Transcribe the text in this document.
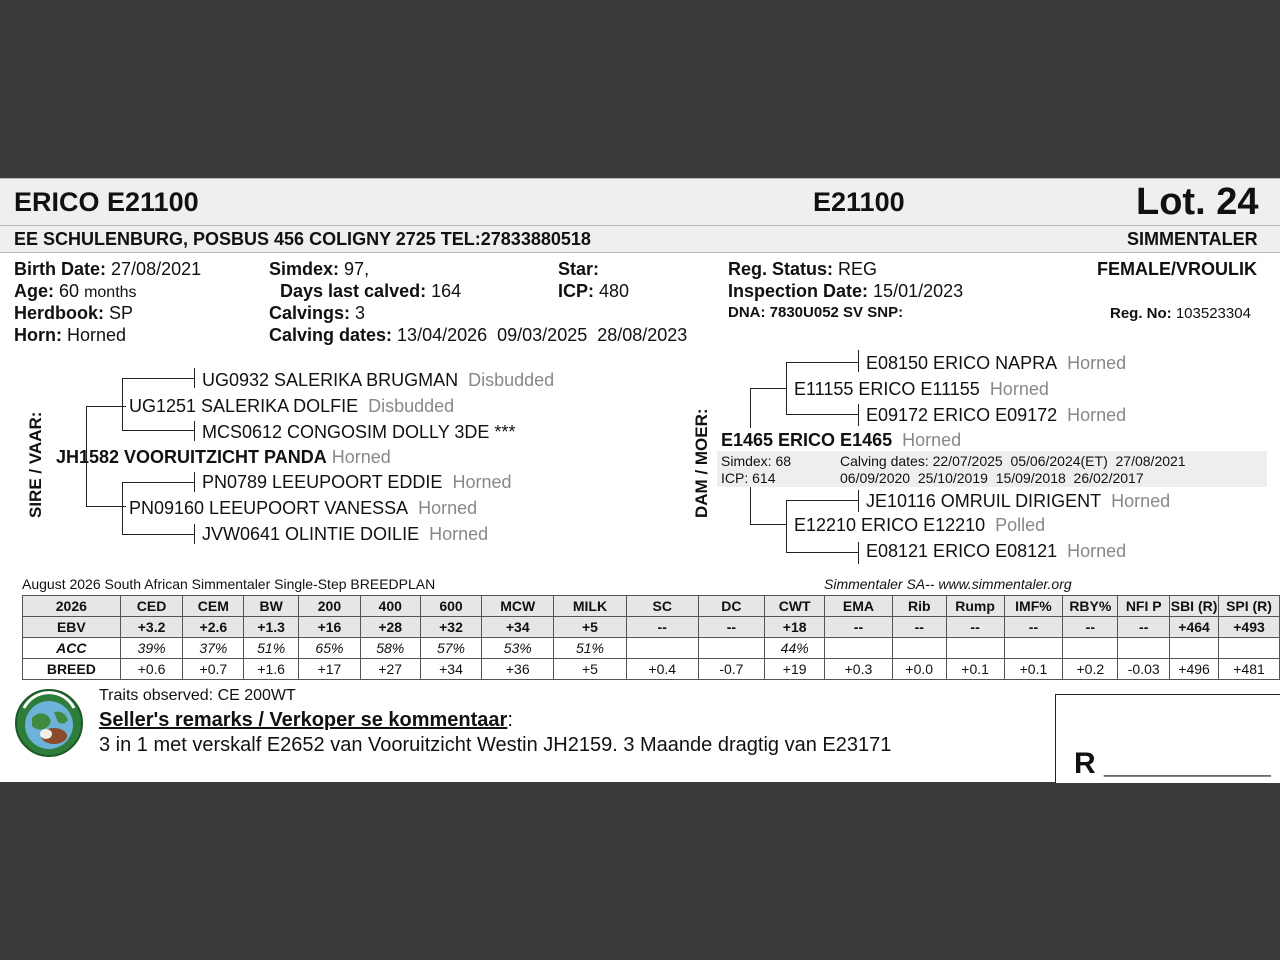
ERICO E21100	E21100	Lot. 24
EE SCHULENBURG, POSBUS 456 COLIGNY 2725 TEL:27833880518	SIMMENTALER
Birth Date: 27/08/2021
Age: 60 months
Herdbook: SP
Horn: Horned
Simdex: 97,
Days last calved: 164
Calvings: 3
Calving dates: 13/04/2026  09/03/2025  28/08/2023
Star:
ICP: 480
Reg. Status: REG
Inspection Date: 15/01/2023
DNA: 7830U052 SV SNP:
FEMALE/VROULIK
Reg. No: 103523304
SIRE / VAAR:
UG0932 SALERIKA BRUGMAN Disbudded
UG1251 SALERIKA DOLFIE Disbudded
MCS0612 CONGOSIM DOLLY 3DE ***
JH1582 VOORUITZICHT PANDA Horned
PN0789 LEEUPOORT EDDIE Horned
PN09160 LEEUPOORT VANESSA Horned
JVW0641 OLINTIE DOILIE Horned
DAM / MOER:
E08150 ERICO NAPRA Horned
E11155 ERICO E11155 Horned
E09172 ERICO E09172 Horned
E1465 ERICO E1465 Horned
Simdex: 68
ICP: 614
Calving dates: 22/07/2025  05/06/2024(ET)  27/08/2021
06/09/2020  25/10/2019  15/09/2018  26/02/2017
JE10116 OMRUIL DIRIGENT Horned
E12210 ERICO E12210 Polled
E08121 ERICO E08121 Horned
August 2026 South African Simmentaler Single-Step BREEDPLAN	Simmentaler SA-- www.simmentaler.org
2026	CED	CEM	BW	200	400	600	MCW	MILK	SC	DC	CWT	EMA	Rib	Rump	IMF%	RBY%	NFI P	SBI (R)	SPI (R)
EBV	+3.2	+2.6	+1.3	+16	+28	+32	+34	+5	--	--	+18	--	--	--	--	--	--	+464	+493
ACC	39%	37%	51%	65%	58%	57%	53%	51%			44%								
BREED	+0.6	+0.7	+1.6	+17	+27	+34	+36	+5	+0.4	-0.7	+19	+0.3	+0.0	+0.1	+0.1	+0.2	-0.03	+496	+481
Traits observed: CE 200WT
Seller's remarks / Verkoper se kommentaar:
3 in 1 met verskalf E2652 van Vooruitzicht Westin JH2159. 3 Maande dragtig van E23171
R __________
